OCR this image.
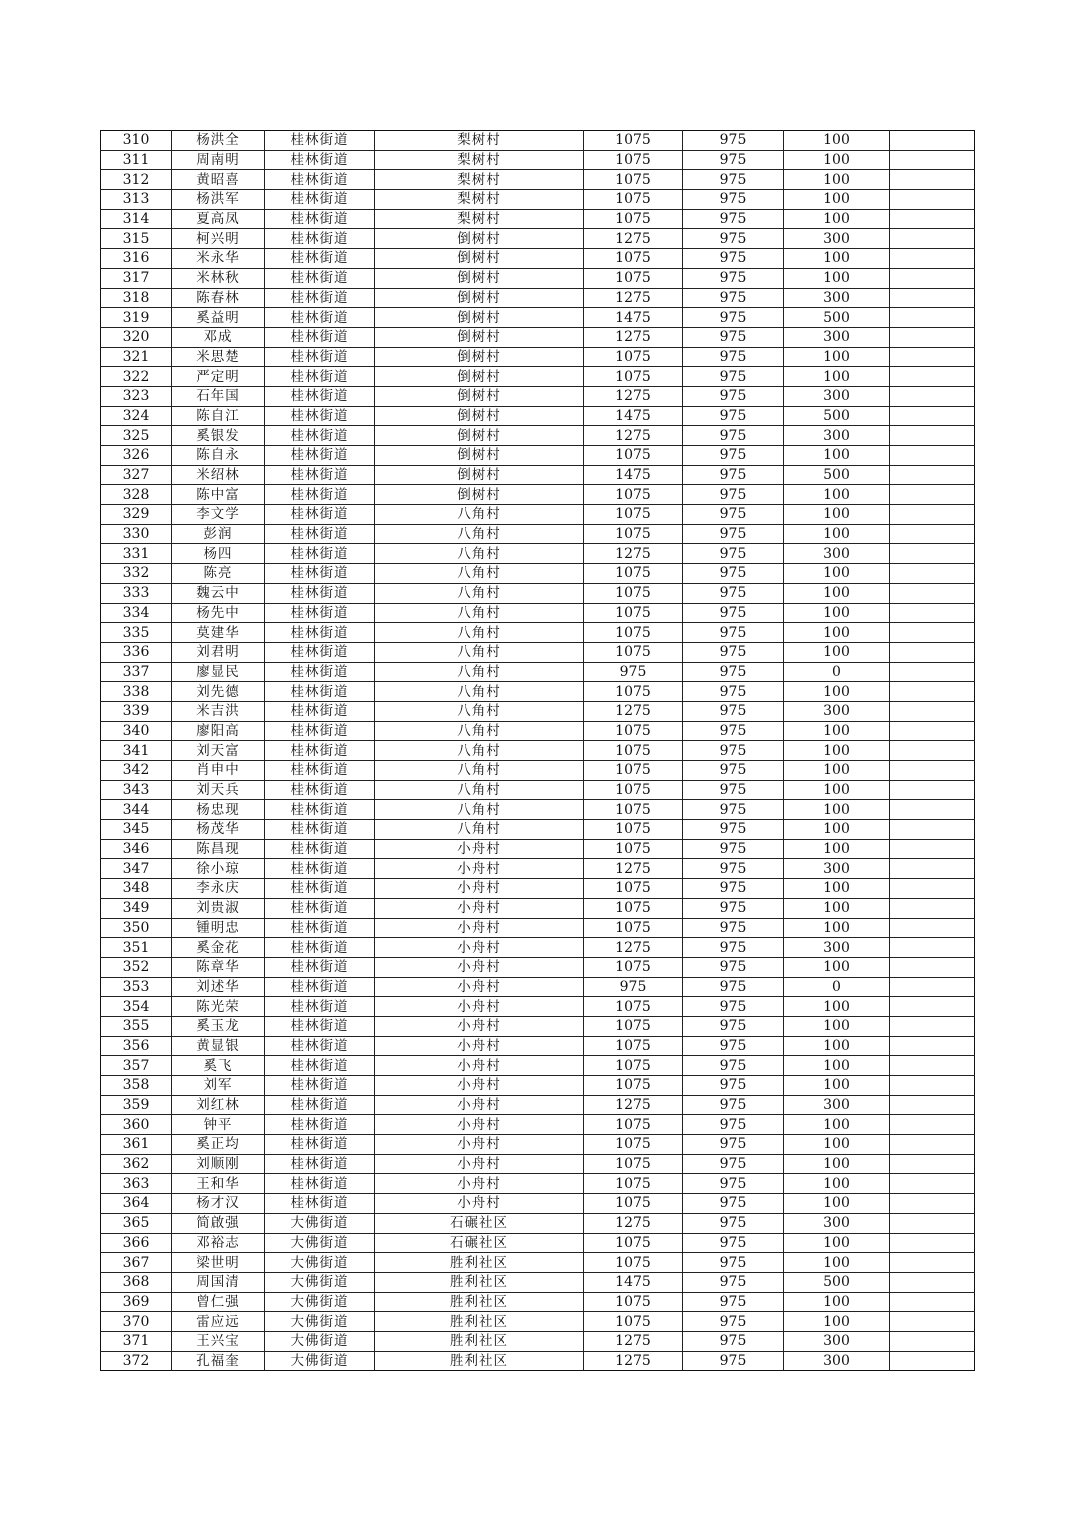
310	杨洪全	桂林街道	梨树村	1075	975	100	
311	周南明	桂林街道	梨树村	1075	975	100	
312	黄昭喜	桂林街道	梨树村	1075	975	100	
313	杨洪军	桂林街道	梨树村	1075	975	100	
314	夏高凤	桂林街道	梨树村	1075	975	100	
315	柯兴明	桂林街道	倒树村	1275	975	300	
316	米永华	桂林街道	倒树村	1075	975	100	
317	米林秋	桂林街道	倒树村	1075	975	100	
318	陈春林	桂林街道	倒树村	1275	975	300	
319	奚益明	桂林街道	倒树村	1475	975	500	
320	邓成	桂林街道	倒树村	1275	975	300	
321	米思楚	桂林街道	倒树村	1075	975	100	
322	严定明	桂林街道	倒树村	1075	975	100	
323	石年国	桂林街道	倒树村	1275	975	300	
324	陈自江	桂林街道	倒树村	1475	975	500	
325	奚银发	桂林街道	倒树村	1275	975	300	
326	陈自永	桂林街道	倒树村	1075	975	100	
327	米绍林	桂林街道	倒树村	1475	975	500	
328	陈中富	桂林街道	倒树村	1075	975	100	
329	李文学	桂林街道	八角村	1075	975	100	
330	彭润	桂林街道	八角村	1075	975	100	
331	杨四	桂林街道	八角村	1275	975	300	
332	陈亮	桂林街道	八角村	1075	975	100	
333	魏云中	桂林街道	八角村	1075	975	100	
334	杨先中	桂林街道	八角村	1075	975	100	
335	莫建华	桂林街道	八角村	1075	975	100	
336	刘君明	桂林街道	八角村	1075	975	100	
337	廖显民	桂林街道	八角村	975	975	0	
338	刘先德	桂林街道	八角村	1075	975	100	
339	米吉洪	桂林街道	八角村	1275	975	300	
340	廖阳高	桂林街道	八角村	1075	975	100	
341	刘天富	桂林街道	八角村	1075	975	100	
342	肖申中	桂林街道	八角村	1075	975	100	
343	刘天兵	桂林街道	八角村	1075	975	100	
344	杨忠现	桂林街道	八角村	1075	975	100	
345	杨茂华	桂林街道	八角村	1075	975	100	
346	陈昌现	桂林街道	小舟村	1075	975	100	
347	徐小琼	桂林街道	小舟村	1275	975	300	
348	李永庆	桂林街道	小舟村	1075	975	100	
349	刘贵淑	桂林街道	小舟村	1075	975	100	
350	锺明忠	桂林街道	小舟村	1075	975	100	
351	奚金花	桂林街道	小舟村	1275	975	300	
352	陈章华	桂林街道	小舟村	1075	975	100	
353	刘述华	桂林街道	小舟村	975	975	0	
354	陈光荣	桂林街道	小舟村	1075	975	100	
355	奚玉龙	桂林街道	小舟村	1075	975	100	
356	黄显银	桂林街道	小舟村	1075	975	100	
357	奚飞	桂林街道	小舟村	1075	975	100	
358	刘军	桂林街道	小舟村	1075	975	100	
359	刘红林	桂林街道	小舟村	1275	975	300	
360	钟平	桂林街道	小舟村	1075	975	100	
361	奚正均	桂林街道	小舟村	1075	975	100	
362	刘顺刚	桂林街道	小舟村	1075	975	100	
363	王和华	桂林街道	小舟村	1075	975	100	
364	杨才汉	桂林街道	小舟村	1075	975	100	
365	简啟强	大佛街道	石碾社区	1275	975	300	
366	邓裕志	大佛街道	石碾社区	1075	975	100	
367	梁世明	大佛街道	胜利社区	1075	975	100	
368	周国清	大佛街道	胜利社区	1475	975	500	
369	曾仁强	大佛街道	胜利社区	1075	975	100	
370	雷应远	大佛街道	胜利社区	1075	975	100	
371	王兴宝	大佛街道	胜利社区	1275	975	300	
372	孔福奎	大佛街道	胜利社区	1275	975	300	
